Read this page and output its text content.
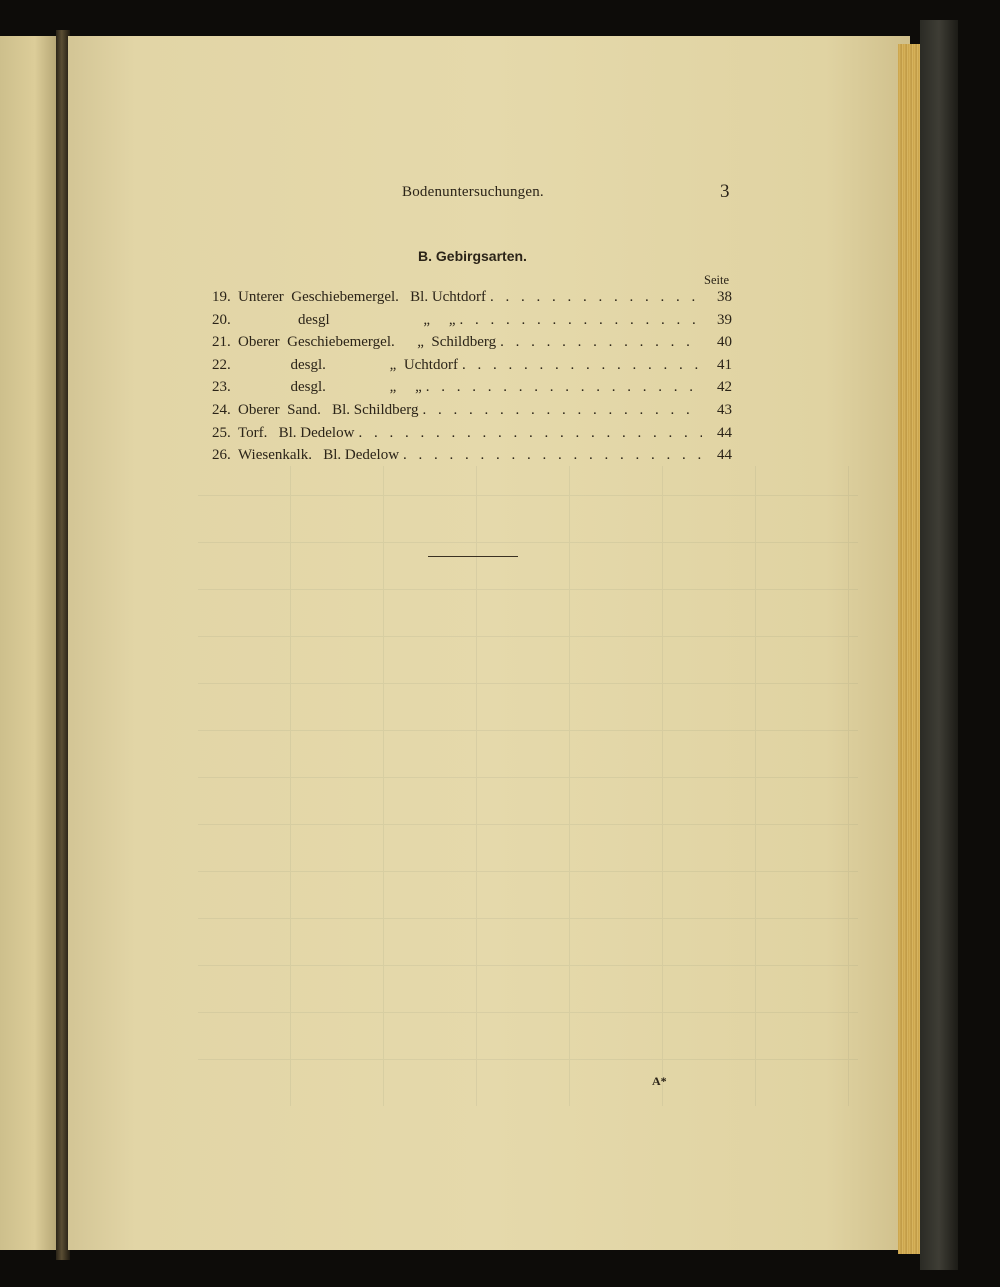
Bodenuntersuchungen.	3
B. Gebirgsarten.
Seite
19. Unterer  Geschiebemergel.   Bl. Uchtdorf . . .	38
20. desgl                         „     „ . . .	39
21. Oberer  Geschiebemergel.      „  Schildberg . . .	40
22. desgl.                 „  Uchtdorf . . .	41
23. desgl.                 „     „ . . .	42
24. Oberer  Sand.   Bl. Schildberg . . .	43
25. Torf.   Bl. Dedelow . . .	44
26. Wiesenkalk.   Bl. Dedelow . . .	44
A*
